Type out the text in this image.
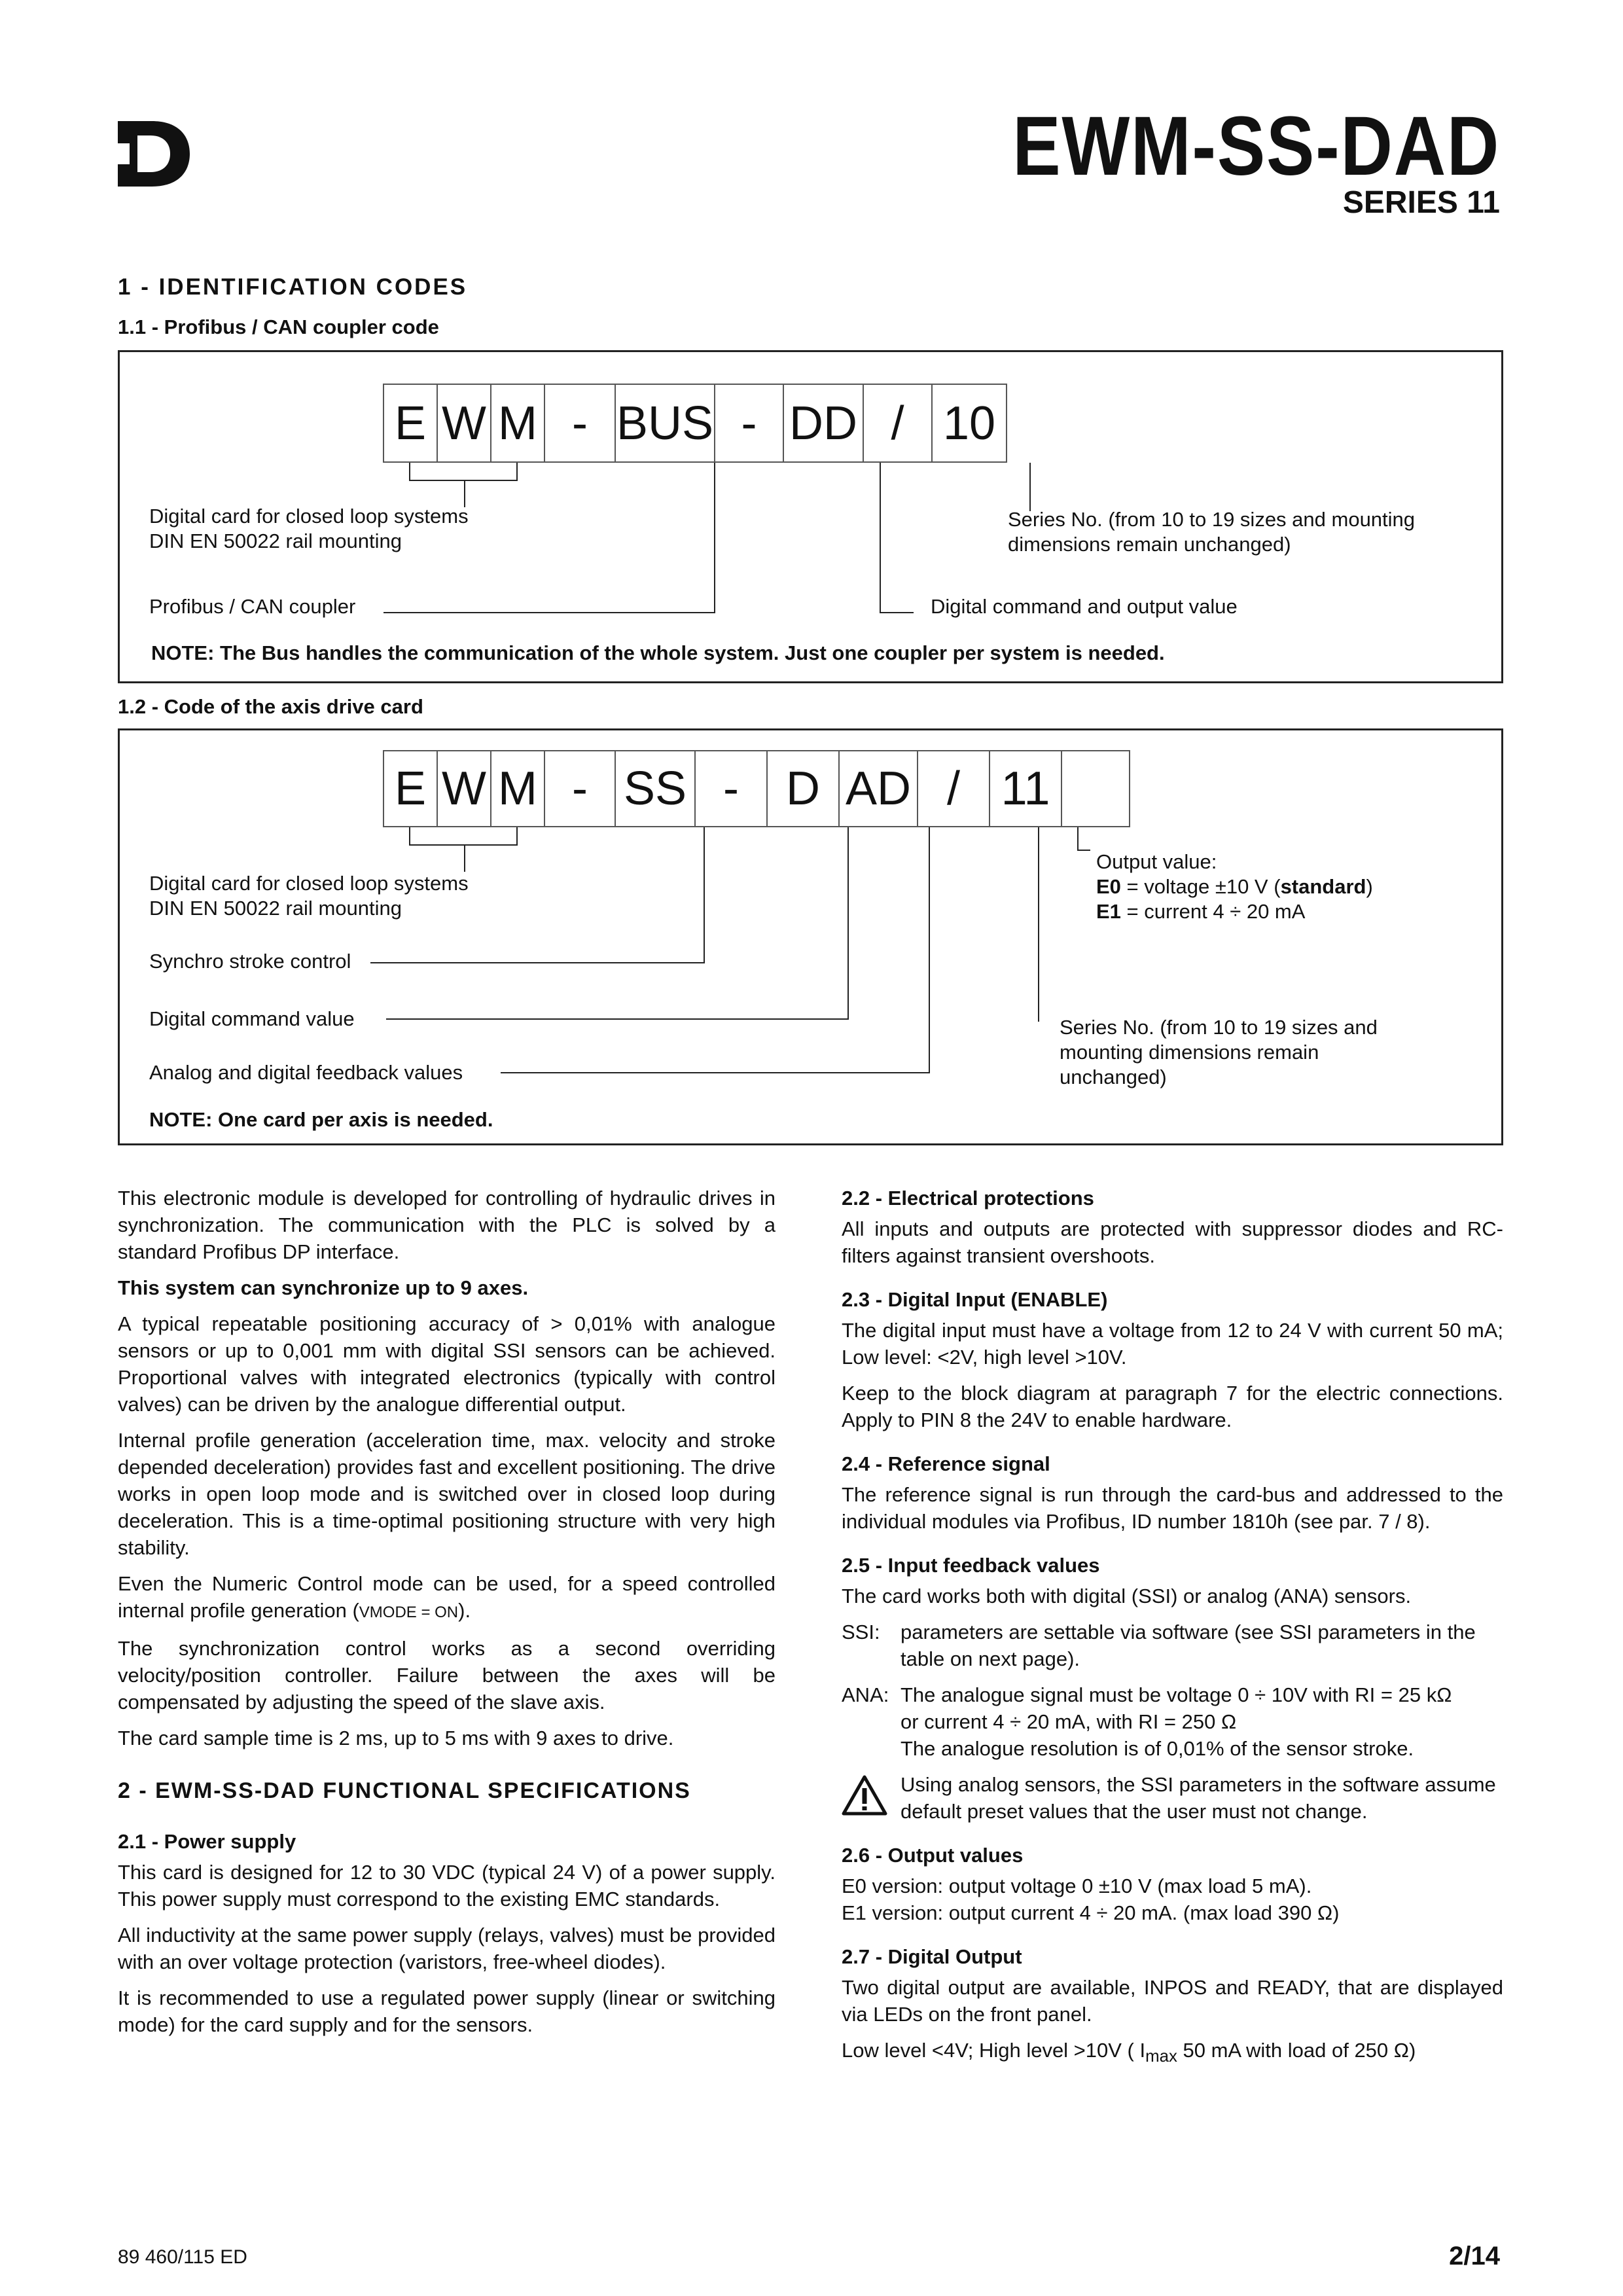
EWM-SS-DAD
SERIES 11
1 - IDENTIFICATION CODES
1.1 - Profibus / CAN coupler code
E W M - BUS - DD / 10
Digital card for closed loop systems
DIN EN 50022 rail mounting
Series No. (from 10 to 19 sizes and mounting
dimensions remain unchanged)
Profibus / CAN coupler	Digital command and output value
NOTE: The Bus handles the communication of the whole system. Just one coupler per system is needed.
1.2 - Code of the axis drive card
E W M - SS -	D AD / 11
Digital card for closed loop systems
DIN EN 50022 rail mounting
Synchro stroke control
Digital command value
Analog and digital feedback values
Output value:
E0 = voltage ±10 V (standard)
E1 = current 4 ÷ 20 mA
Series No. (from 10 to 19 sizes and
mounting dimensions remain
unchanged)
NOTE: One card per axis is needed.

This electronic module is developed for controlling of hydraulic drives in synchronization. The communication with the PLC is solved by a standard Profibus DP interface.

This system can synchronize up to 9 axes.

A typical repeatable positioning accuracy of > 0,01% with analogue sensors or up to 0,001 mm with digital SSI sensors can be achieved. Proportional valves with integrated electronics (typically with control valves) can be driven by the analogue differential output.

Internal profile generation (acceleration time, max. velocity and stroke depended deceleration) provides fast and excellent positioning. The drive works in open loop mode and is switched over in closed loop during deceleration. This is a time-optimal positioning structure with very high stability.

Even the Numeric Control mode can be used, for a speed controlled internal profile generation (VMODE = ON).

The synchronization control works as a second overriding velocity/position controller. Failure between the axes will be compensated by adjusting the speed of the slave axis.

The card sample time is 2 ms, up to 5 ms with 9 axes to drive.

2 - EWM-SS-DAD FUNCTIONAL SPECIFICATIONS
2.1 - Power supply

This card is designed for 12 to 30 VDC (typical 24 V) of a power supply. This power supply must correspond to the existing EMC standards.

All inductivity at the same power supply (relays, valves) must be provided with an over voltage protection (varistors, free-wheel diodes).

It is recommended to use a regulated power supply (linear or switching mode) for the card supply and for the sensors.

2.2 - Electrical protections

All inputs and outputs are protected with suppressor diodes and RC-filters against transient overshoots.

2.3 - Digital Input (ENABLE)

The digital input must have a voltage from 12 to 24 V with current 50 mA; Low level: <2V, high level >10V.

Keep to the block diagram at paragraph 7 for the electric connections. Apply to PIN 8 the 24V to enable hardware.

2.4 - Reference signal

The reference signal is run through the card-bus and addressed to the individual modules via Profibus, ID number 1810h (see par. 7 / 8).

2.5 - Input feedback values

The card works both with digital (SSI) or analog (ANA) sensors.

SSI:	parameters are settable via software (see SSI parameters in the table on next page).
ANA: The analogue signal must be voltage 0 ÷ 10V with RI = 25 kΩ
or current 4 ÷ 20 mA, with RI = 250 Ω
The analogue resolution is of 0,01% of the sensor stroke.
Using analog sensors, the SSI parameters in the software assume default preset values that the user must not change.
2.6 - Output values
E0 version: output voltage 0 ±10 V (max load 5 mA).
E1 version: output current 4 ÷ 20 mA. (max load 390 Ω)
2.7 - Digital Output

Two digital output are available, INPOS and READY, that are displayed via LEDs on the front panel.

Low level <4V; High level >10V ( $I_{max}$ 50 mA with load of 250 Ω)

89 460/115 ED	2/14
